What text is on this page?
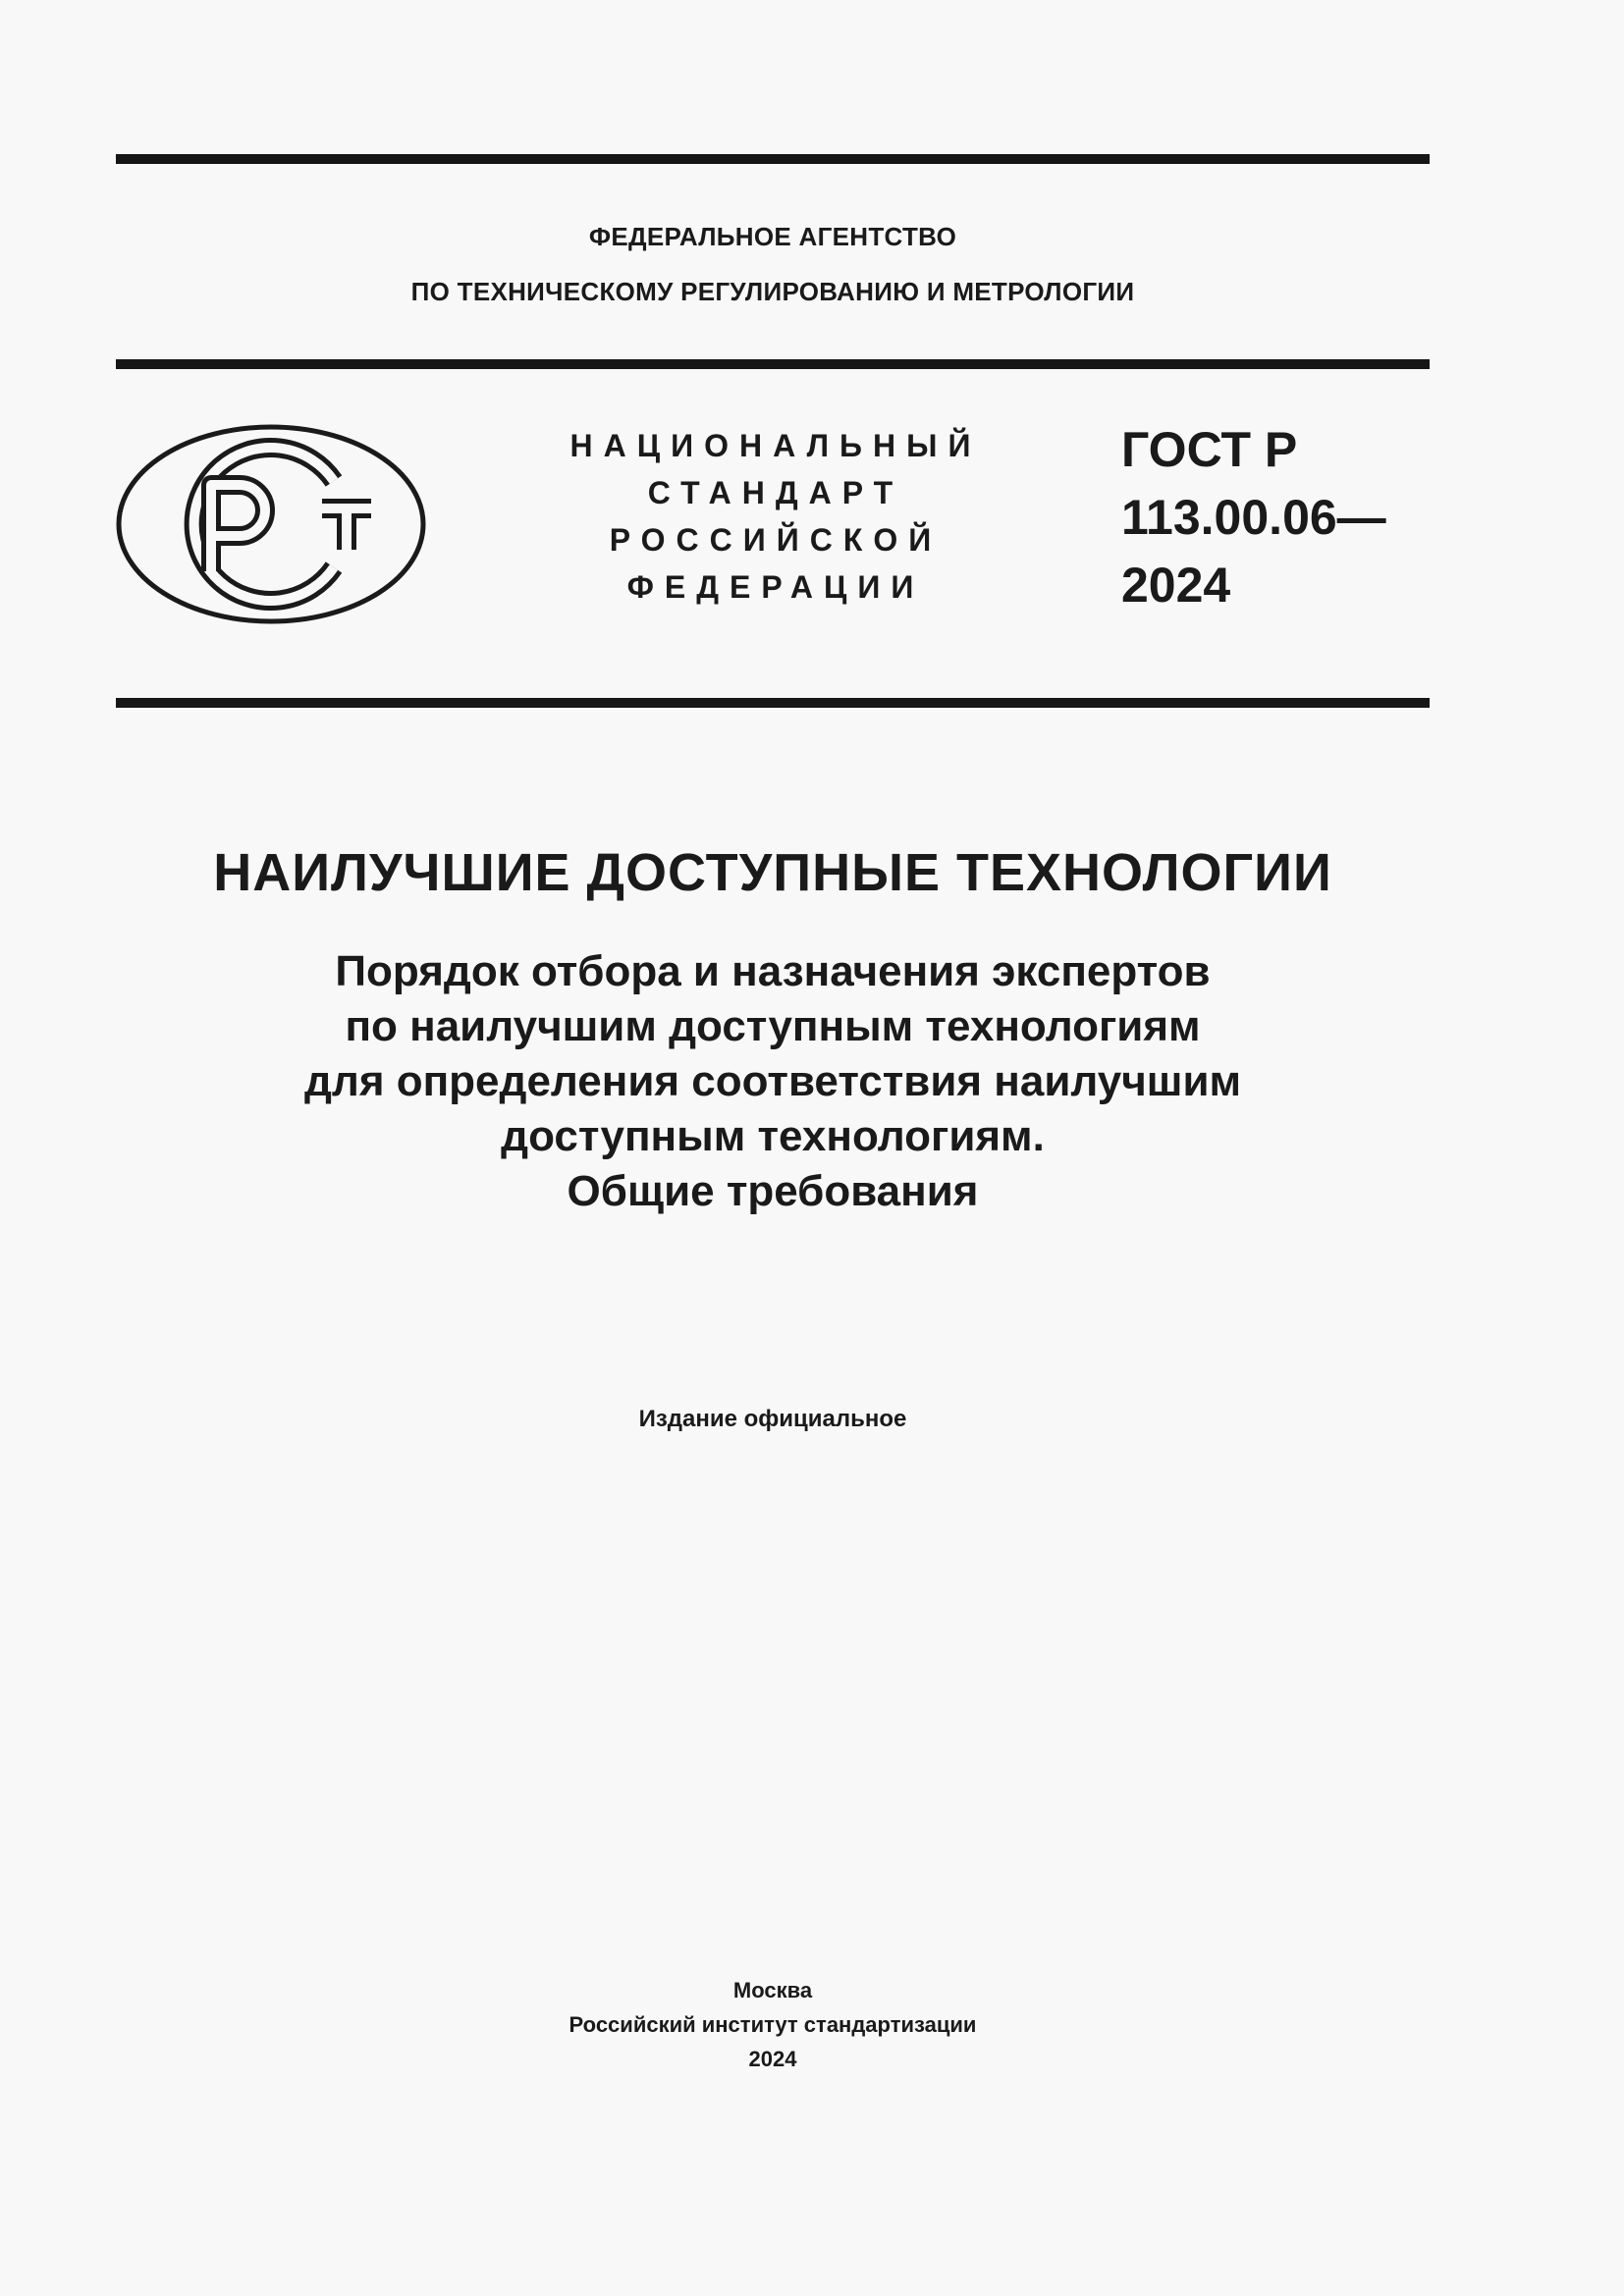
ФЕДЕРАЛЬНОЕ АГЕНТСТВО
ПО ТЕХНИЧЕСКОМУ РЕГУЛИРОВАНИЮ И МЕТРОЛОГИИ
НАЦИОНАЛЬНЫЙ
СТАНДАРТ
РОССИЙСКОЙ
ФЕДЕРАЦИИ
ГОСТ Р
113.00.06—
2024
НАИЛУЧШИЕ ДОСТУПНЫЕ ТЕХНОЛОГИИ
Порядок отбора и назначения экспертов
по наилучшим доступным технологиям
для определения соответствия наилучшим
доступным технологиям.
Общие требования
Издание официальное
Москва
Российский институт стандартизации
2024
